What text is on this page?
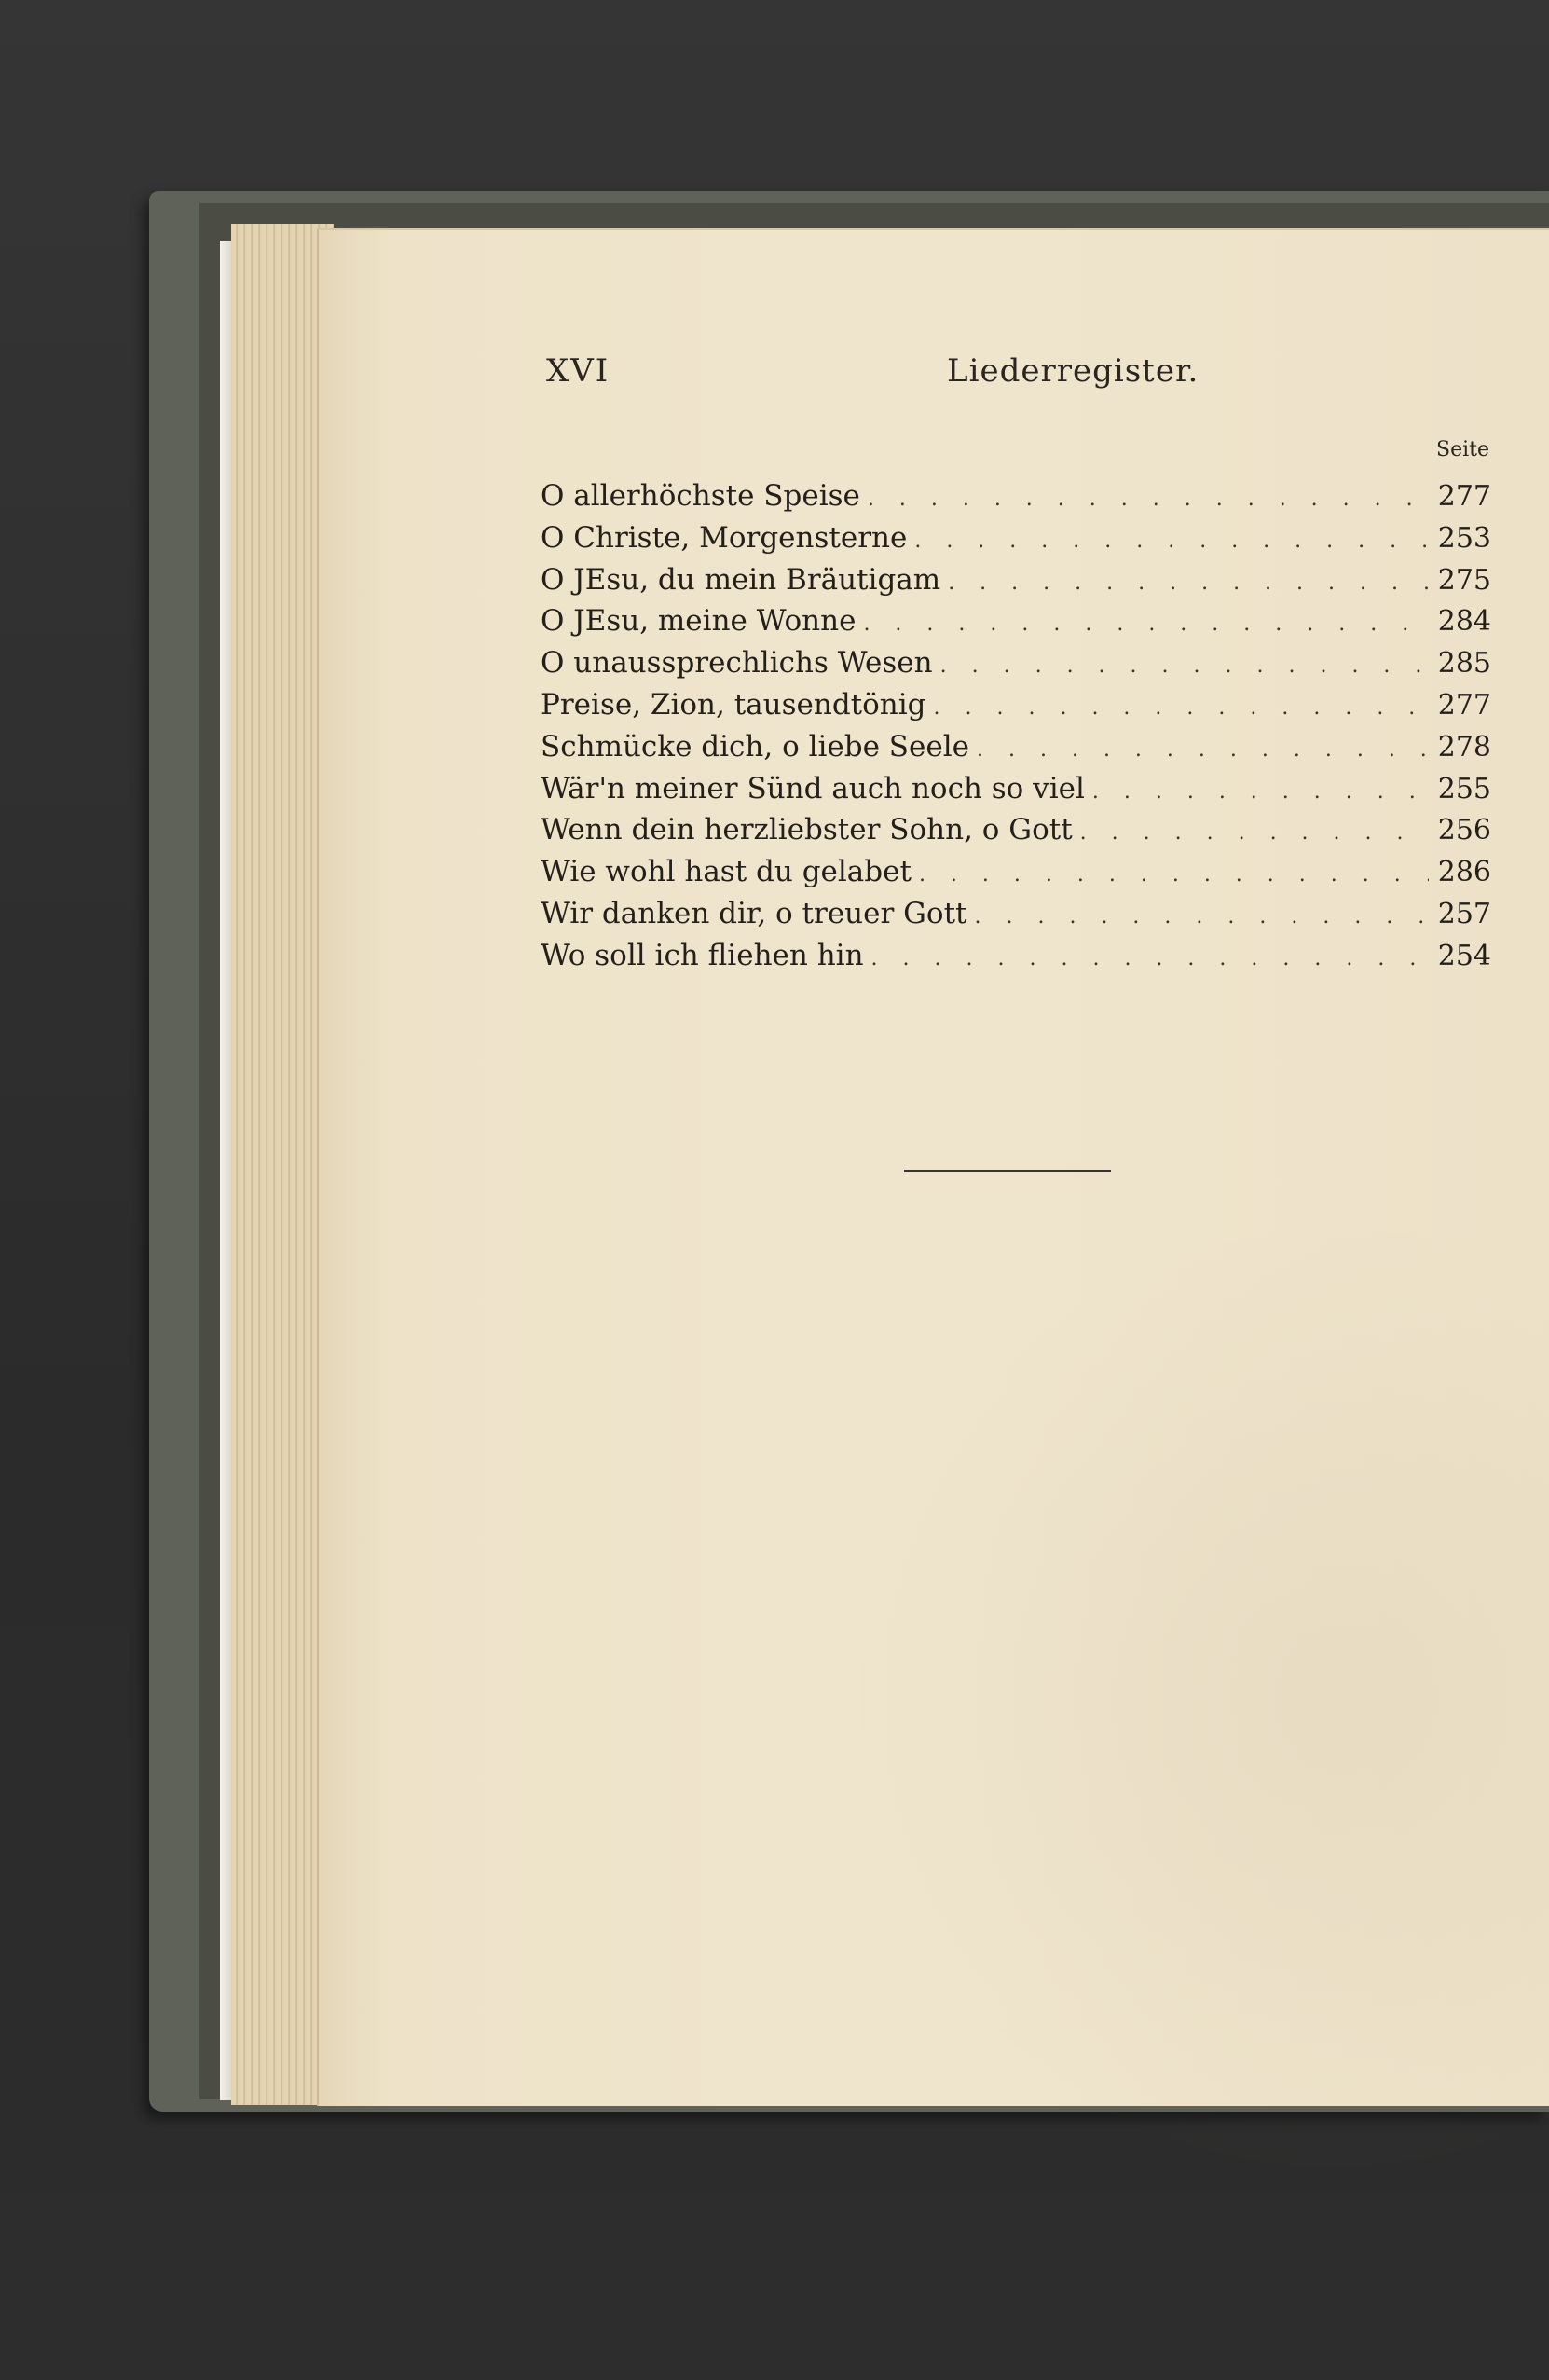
XVI	Liederregister.
Seite
O allerhöchste Speise . . .	277
O Christe, Morgensterne . . .	253
O JEsu, du mein Bräutigam . . .	275
O JEsu, meine Wonne . . .	284
O unaussprechlichs Wesen . . .	285
Preise, Zion, tausendtönig . . .	277
Schmücke dich, o liebe Seele . . .	278
Wär'n meiner Sünd auch noch so viel . . .	255
Wenn dein herzliebster Sohn, o Gott . . .	256
Wie wohl hast du gelabet . . .	286
Wir danken dir, o treuer Gott . . .	257
Wo soll ich fliehen hin . . .	254
